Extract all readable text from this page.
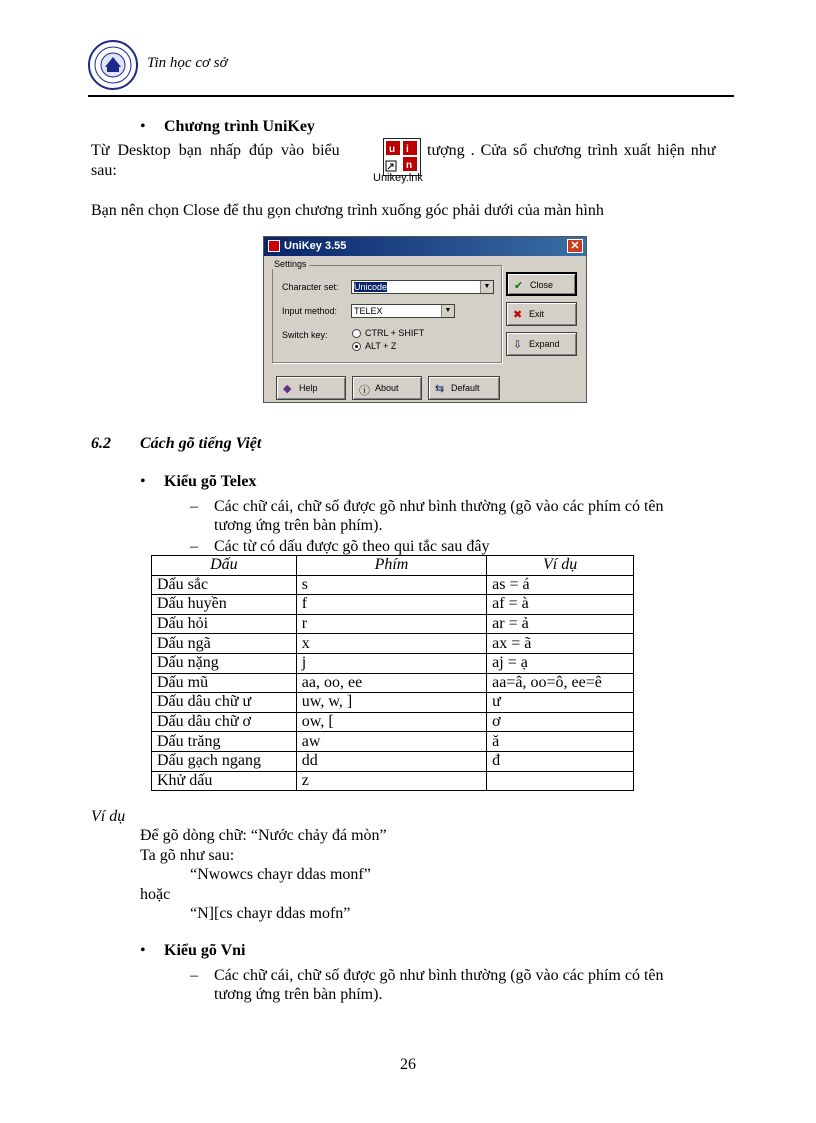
Tin học cơ sở
• Chương trình UniKey
Từ Desktop bạn nhấp đúp vào biểu	u i
n
Unikey.lnk
tượng . Cửa sổ chương trình xuất hiện như
sau:
Bạn nên chọn Close để thu gọn chương trình xuống góc phải dưới của màn hình
UniKey 3.55	✕
Settings
Character set: Unicode	▼
Input method: TELEX	▼
Switch key:	CTRL + SHIFT
ALT + Z
✔ Close
✖ Exit
⇩ Expand
◆ Help	ⓘ About	⇆ Default
6.2 Cách gõ tiếng Việt
• Kiểu gõ Telex
– Các chữ cái, chữ số được gõ như bình thường (gõ vào các phím có tên
tương ứng trên bàn phím).
– Các từ có dấu được gõ theo qui tắc sau đây
Dấu	Phím	Ví dụ
Dấu sắc	s	as = á
Dấu huyền	f	af = à
Dấu hỏi	r	ar = ả
Dấu ngã	x	ax = ã
Dấu nặng	j	aj = ạ
Dấu mũ	aa, oo, ee	aa=â, oo=ô, ee=ê
Dấu dâu chữ ư	uw, w, ]	ư
Dấu dâu chữ ơ	ow, [	ơ
Dấu trăng	aw	ă
Dấu gạch ngang	dd	đ
Khử dấu	z	
Ví dụ
Để gõ dòng chữ: “Nước chảy đá mòn”
Ta gõ như sau:
“Nwowcs chayr ddas monf”
hoặc
“N][cs chayr ddas mofn”
• Kiểu gõ Vni
– Các chữ cái, chữ số được gõ như bình thường (gõ vào các phím có tên
tương ứng trên bàn phím).
26
